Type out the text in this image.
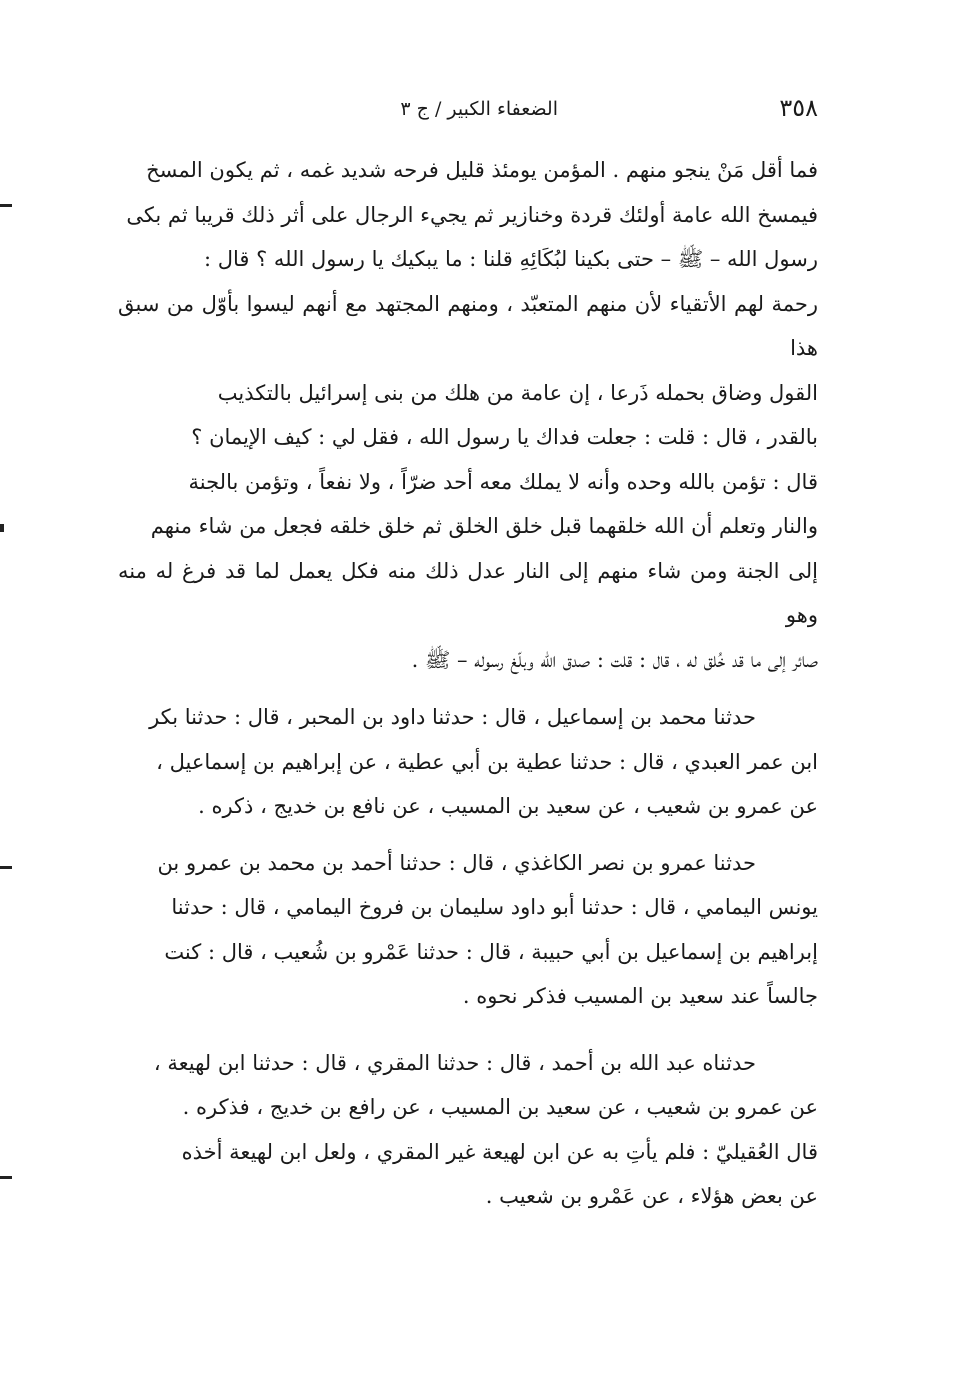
٣٥٨
الضعفاء الكبير / ج ٣
فما أقل مَنْ ينجو منهم . المؤمن يومئذ قليل فرحه شديد غمه ، ثم يكون المسخ
فيمسخ الله عامة أولئك قردة وخنازير ثم يجيء الرجال على أثر ذلك قريبا ثم بكى
رسول الله – ﷺ – حتى بكينا لبُكَائِهِ قلنا : ما يبكيك يا رسول الله ؟ قال :
رحمة لهم الأتقياء لأن منهم المتعبّد ، ومنهم المجتهد مع أنهم ليسوا بأوّل من سبق هذا
القول وضاق بحمله ذَرعا ، إن عامة من هلك من بنى إسرائيل بالتكذيب
بالقدر ، قال : قلت : جعلت فداك يا رسول الله ، فقل لي : كيف الإيمان ؟
قال : تؤمن بالله وحده وأنه لا يملك معه أحد ضرّاً ، ولا نفعاً ، وتؤمن بالجنة
والنار وتعلم أن الله خلقهما قبل خلق الخلق ثم خلق خلقه فجعل من شاء منهم
إلى الجنة ومن شاء منهم إلى النار عدل ذلك منه فكل يعمل لما قد فرغ له منه وهو
صائر إلى ما قد خُلق له ، قال : قلت : صدق الله وبلّغ رسوله – ﷺ .
حدثنا محمد بن إسماعيل ، قال : حدثنا داود بن المحبر ، قال : حدثنا بكر
ابن عمر العبدي ، قال : حدثنا عطية بن أبي عطية ، عن إبراهيم بن إسماعيل ،
عن عمرو بن شعيب ، عن سعيد بن المسيب ، عن نافع بن خديج ، ذكره .
حدثنا عمرو بن نصر الكاغذي ، قال : حدثنا أحمد بن محمد بن عمرو بن
يونس اليمامي ، قال : حدثنا أبو داود سليمان بن فروخ اليمامي ، قال : حدثنا
إبراهيم بن إسماعيل بن أبي حبيبة ، قال : حدثنا عَمْرو بن شُعيب ، قال : كنت
جالساً عند سعيد بن المسيب فذكر نحوه .
حدثناه عبد الله بن أحمد ، قال : حدثنا المقري ، قال : حدثنا ابن لهيعة ،
عن عمرو بن شعيب ، عن سعيد بن المسيب ، عن رافع بن خديج ، فذكره .
قال العُقيليّ : فلم يأتِ به عن ابن لهيعة غير المقري ، ولعل ابن لهيعة أخذه
عن بعض هؤلاء ، عن عَمْرو بن شعيب .
